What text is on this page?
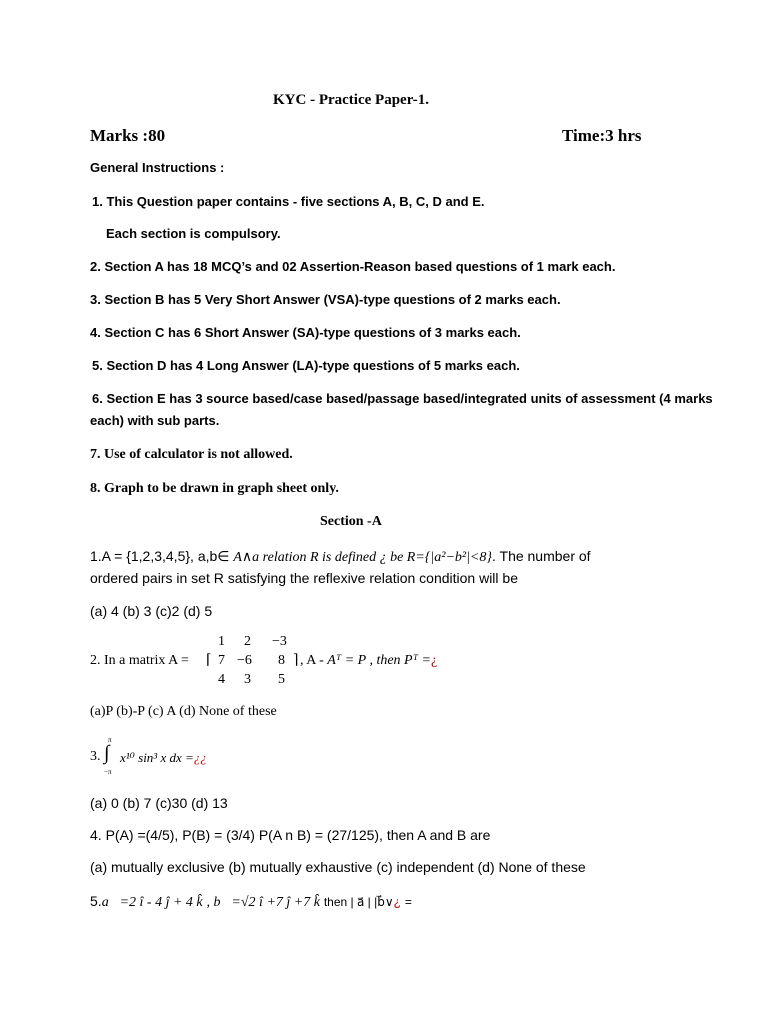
KYC - Practice Paper-1.
Marks :80	Time:3 hrs
General Instructions :
1. This Question paper contains - five sections A, B, C, D and E.
Each section is compulsory.
2. Section A has 18 MCQ’s and 02 Assertion-Reason based questions of 1 mark each.
3. Section B has 5 Very Short Answer (VSA)-type questions of 2 marks each.
4. Section C has 6 Short Answer (SA)-type questions of 3 marks each.
5. Section D has 4 Long Answer (LA)-type questions of 5 marks each.
6. Section E has 3 source based/case based/passage based/integrated units of assessment (4 marks
each) with sub parts.
7. Use of calculator is not allowed.
8. Graph to be drawn in graph sheet only.
Section -A
1.A = {1,2,3,4,5}, a,b∈ A∧a relation R is defined ¿ be R={|a²−b²|<8}. The number of
ordered pairs in set R satisfying the reflexive relation condition will be
(a) 4 (b) 3 (c)2 (d) 5
1 2 −3
2. In a matrix A = ⌈ 7 −6 8 ⌉ , A - Aᵀ = P , then Pᵀ =¿
4 3 5
(a)P (b)-P (c) A (d) None of these
π
3. ∫ x¹⁰ sin³ x dx =¿¿
−π
(a) 0 (b) 7 (c)30 (d) 13
4. P(A) =(4/5), P(B) = (3/4) P(A n B) = (27/125), then A and B are
(a) mutually exclusive (b) mutually exhaustive (c) independent (d) None of these
5.a⃗=2 î - 4 ĵ + 4 k̂ , b⃗=√2 î +7 ĵ +7 k̂ then | a⃗ | |b⃗∨¿ =
